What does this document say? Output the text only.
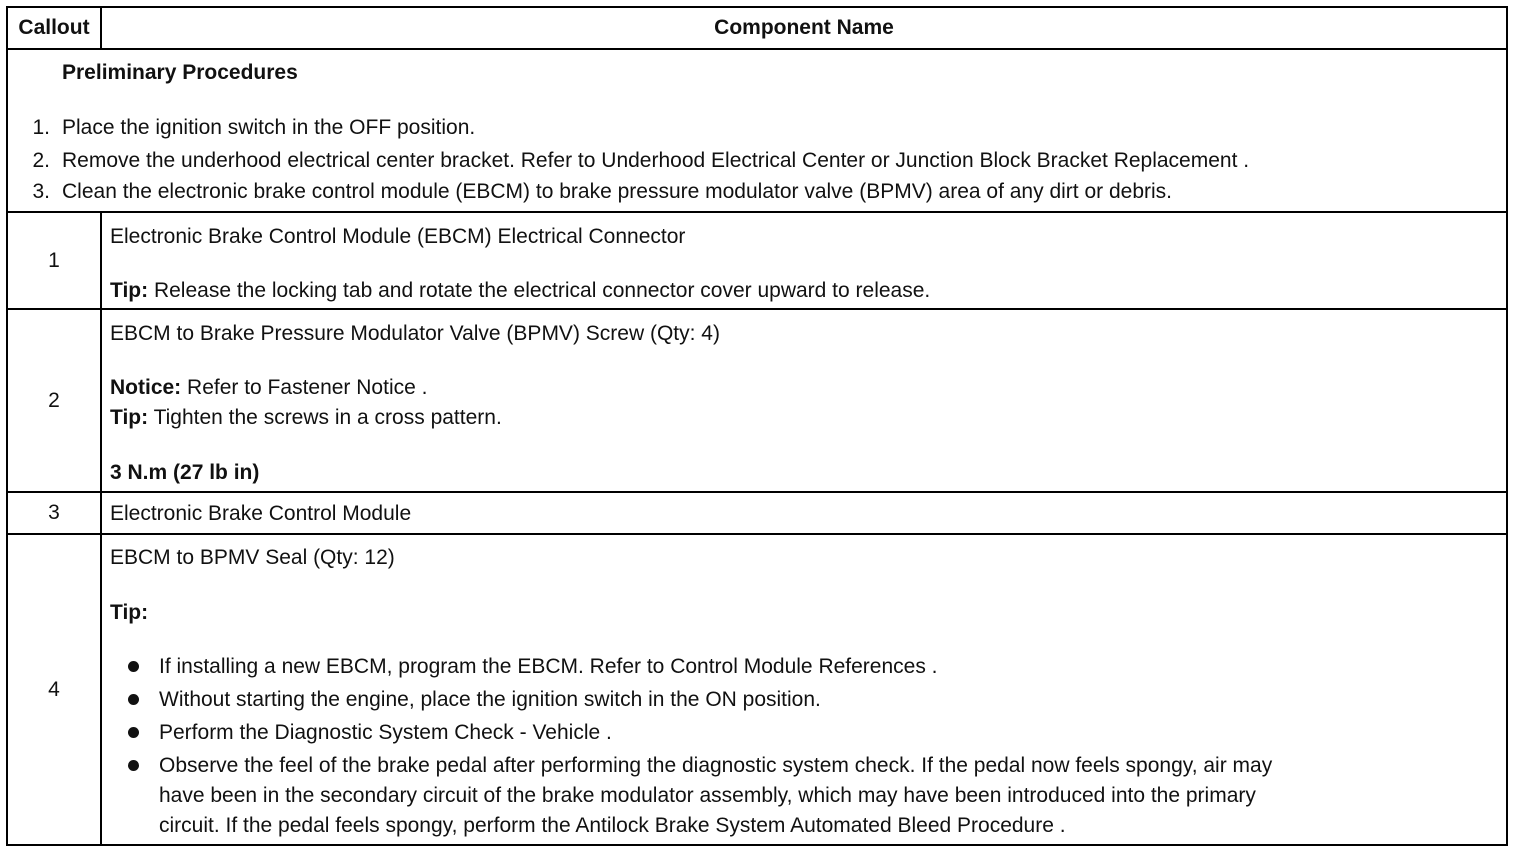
Callout	Component Name
Preliminary Procedures
1. Place the ignition switch in the OFF position.
2. Remove the underhood electrical center bracket. Refer to Underhood Electrical Center or Junction Block Bracket Replacement .
3. Clean the electronic brake control module (EBCM) to brake pressure modulator valve (BPMV) area of any dirt or debris.
1
Electronic Brake Control Module (EBCM) Electrical Connector
Tip: Release the locking tab and rotate the electrical connector cover upward to release.
2
EBCM to Brake Pressure Modulator Valve (BPMV) Screw (Qty: 4)
Notice: Refer to Fastener Notice .
Tip: Tighten the screws in a cross pattern.
3 N.m (27 lb in)
3	Electronic Brake Control Module
4
EBCM to BPMV Seal (Qty: 12)
Tip:
If installing a new EBCM, program the EBCM. Refer to Control Module References .
Without starting the engine, place the ignition switch in the ON position.
Perform the Diagnostic System Check - Vehicle .
Observe the feel of the brake pedal after performing the diagnostic system check. If the pedal now feels spongy, air may
have been in the secondary circuit of the brake modulator assembly, which may have been introduced into the primary
circuit. If the pedal feels spongy, perform the Antilock Brake System Automated Bleed Procedure .
